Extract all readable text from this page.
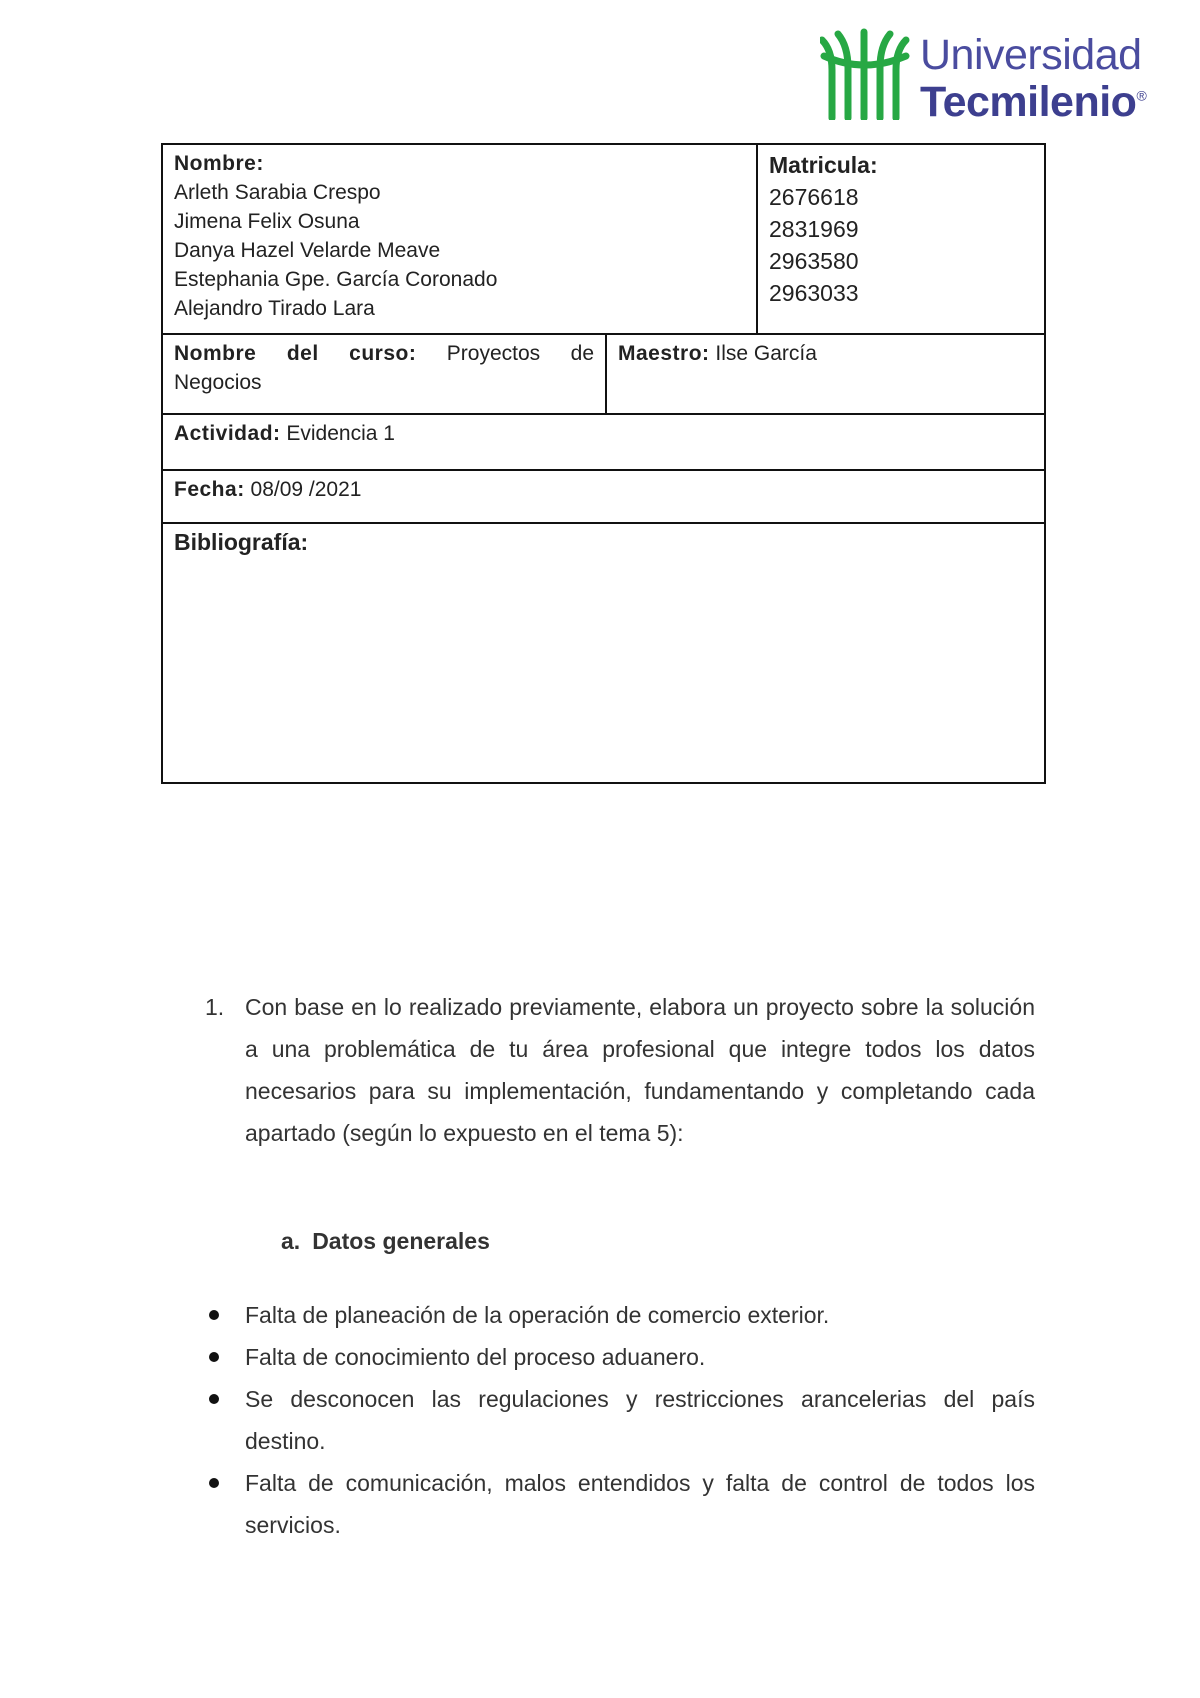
Universidad
Tecmilenio®
Nombre:
Arleth Sarabia Crespo
Jimena Felix Osuna
Danya Hazel Velarde Meave
Estephania Gpe. García Coronado
Alejandro Tirado Lara
Matricula:
2676618
2831969
2963580
2963033
Nombre del curso: Proyectos de
Negocios
Maestro: Ilse García
Actividad: Evidencia 1
Fecha: 08/09 /2021
Bibliografía:
1. Con base en lo realizado previamente, elabora un proyecto sobre la solución a una problemática de tu área profesional que integre todos los datos necesarios para su implementación, fundamentando y completando cada apartado (según lo expuesto en el tema 5):
a. Datos generales
Falta de planeación de la operación de comercio exterior.
Falta de conocimiento del proceso aduanero.
Se desconocen las regulaciones y restricciones arancelerias del país destino.
Falta de comunicación, malos entendidos y falta de control de todos los servicios.
